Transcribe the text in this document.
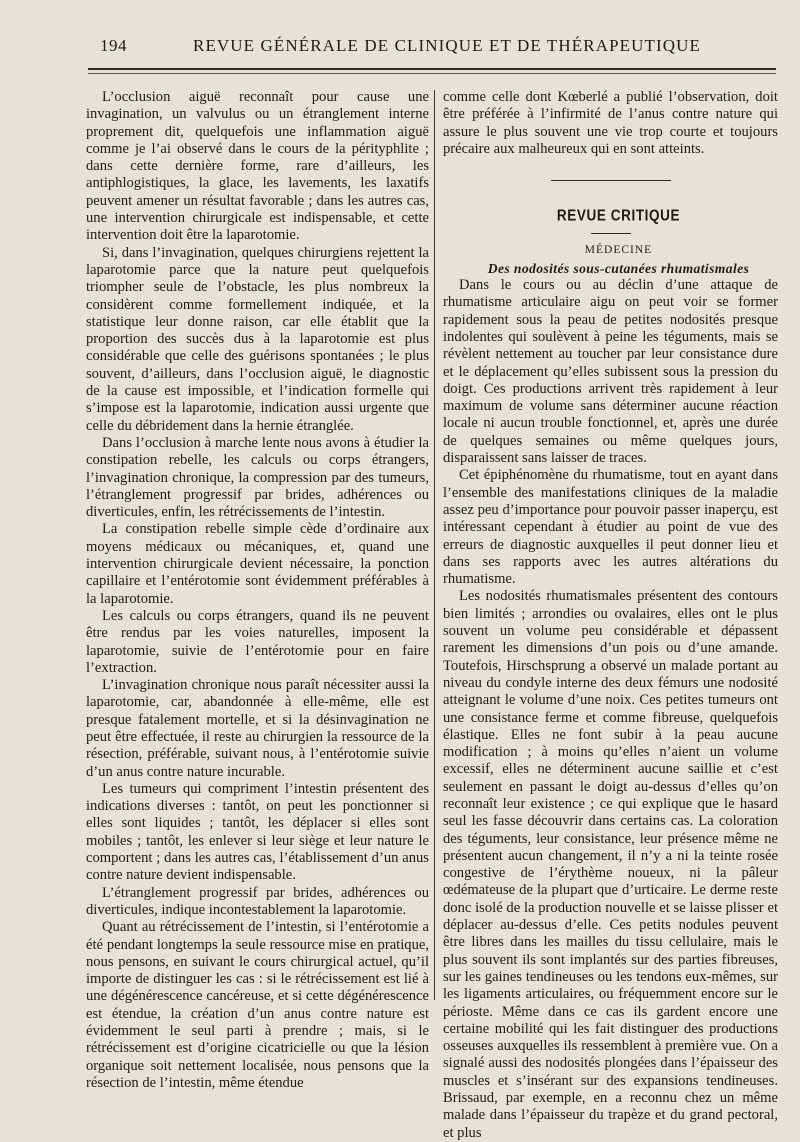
194	REVUE GÉNÉRALE DE CLINIQUE ET DE THÉRAPEUTIQUE

L’occlusion aiguë reconnaît pour cause une invagination, un valvulus ou un étranglement interne proprement dit, quelquefois une inflammation aiguë comme je l’ai observé dans le cours de la pérityphlite ; dans cette dernière forme, rare d’ailleurs, les antiphlogistiques, la glace, les lavements, les laxatifs peuvent amener un résultat favorable ; dans les autres cas, une intervention chirurgicale est indispensable, et cette intervention doit être la laparotomie.

Si, dans l’invagination, quelques chirurgiens rejettent la laparotomie parce que la nature peut quelquefois triompher seule de l’obstacle, les plus nombreux la considèrent comme formellement indiquée, et la statistique leur donne raison, car elle établit que la proportion des succès dus à la laparotomie est plus considérable que celle des guérisons spontanées ; le plus souvent, d’ailleurs, dans l’occlusion aiguë, le diagnostic de la cause est impossible, et l’indication formelle qui s’impose est la laparotomie, indication aussi urgente que celle du débridement dans la hernie étranglée.

Dans l’occlusion à marche lente nous avons à étudier la constipation rebelle, les calculs ou corps étrangers, l’invagination chronique, la compression par des tumeurs, l’étranglement progressif par brides, adhérences ou diverticules, enfin, les rétrécissements de l’intestin.

La constipation rebelle simple cède d’ordinaire aux moyens médicaux ou mécaniques, et, quand une intervention chirurgicale devient nécessaire, la ponction capillaire et l’entérotomie sont évidemment préférables à la laparotomie.

Les calculs ou corps étrangers, quand ils ne peuvent être rendus par les voies naturelles, imposent la laparotomie, suivie de l’entérotomie pour en faire l’extraction.

L’invagination chronique nous paraît nécessiter aussi la laparotomie, car, abandonnée à elle-même, elle est presque fatalement mortelle, et si la désinvagination ne peut être effectuée, il reste au chirurgien la ressource de la résection, préférable, suivant nous, à l’entérotomie suivie d’un anus contre nature incurable.

Les tumeurs qui compriment l’intestin présentent des indications diverses : tantôt, on peut les ponctionner si elles sont liquides ; tantôt, les déplacer si elles sont mobiles ; tantôt, les enlever si leur siège et leur nature le comportent ; dans les autres cas, l’établissement d’un anus contre nature devient indispensable.

L’étranglement progressif par brides, adhérences ou diverticules, indique incontestablement la laparotomie.

Quant au rétrécissement de l’intestin, si l’entérotomie a été pendant longtemps la seule ressource mise en pratique, nous pensons, en suivant le cours chirurgical actuel, qu’il importe de distinguer les cas : si le rétrécissement est lié à une dégénérescence cancéreuse, et si cette dégénérescence est étendue, la création d’un anus contre nature est évidemment le seul parti à prendre ; mais, si le rétrécissement est d’origine cicatricielle ou que la lésion organique soit nettement localisée, nous pensons que la résection de l’intestin, même étendue

comme celle dont Kœberlé a publié l’observation, doit être préférée à l’infirmité de l’anus contre nature qui assure le plus souvent une vie trop courte et toujours précaire aux malheureux qui en sont atteints.

REVUE CRITIQUE

MÉDECINE

Des nodosités sous-cutanées rhumatismales

Dans le cours ou au déclin d’une attaque de rhumatisme articulaire aigu on peut voir se former rapidement sous la peau de petites nodosités presque indolentes qui soulèvent à peine les téguments, mais se révèlent nettement au toucher par leur consistance dure et le déplacement qu’elles subissent sous la pression du doigt. Ces productions arrivent très rapidement à leur maximum de volume sans déterminer aucune réaction locale ni aucun trouble fonctionnel, et, après une durée de quelques semaines ou même quelques jours, disparaissent sans laisser de traces.

Cet épiphénomène du rhumatisme, tout en ayant dans l’ensemble des manifestations cliniques de la maladie assez peu d’importance pour pouvoir passer inaperçu, est intéressant cependant à étudier au point de vue des erreurs de diagnostic auxquelles il peut donner lieu et dans ses rapports avec les autres altérations du rhumatisme.

Les nodosités rhumatismales présentent des contours bien limités ; arrondies ou ovalaires, elles ont le plus souvent un volume peu considérable et dépassent rarement les dimensions d’un pois ou d’une amande. Toutefois, Hirschsprung a observé un malade portant au niveau du condyle interne des deux fémurs une nodosité atteignant le volume d’une noix. Ces petites tumeurs ont une consistance ferme et comme fibreuse, quelquefois élastique. Elles ne font subir à la peau aucune modification ; à moins qu’elles n’aient un volume excessif, elles ne déterminent aucune saillie et c’est seulement en passant le doigt au-dessus d’elles qu’on reconnaît leur existence ; ce qui explique que le hasard seul les fasse découvrir dans certains cas. La coloration des téguments, leur consistance, leur présence même ne présentent aucun changement, il n’y a ni la teinte rosée congestive de l’érythème noueux, ni la pâleur œdémateuse de la plupart que d’urticaire. Le derme reste donc isolé de la production nouvelle et se laisse plisser et déplacer au-dessus d’elle. Ces petits nodules peuvent être libres dans les mailles du tissu cellulaire, mais le plus souvent ils sont implantés sur des parties fibreuses, sur les gaines tendineuses ou les tendons eux-mêmes, sur les ligaments articulaires, ou fréquemment encore sur le périoste. Même dans ce cas ils gardent encore une certaine mobilité qui les fait distinguer des productions osseuses auxquelles ils ressemblent à première vue. On a signalé aussi des nodosités plongées dans l’épaisseur des muscles et s’insérant sur des expansions tendineuses. Brissaud, par exemple, en a reconnu chez un même malade dans l’épaisseur du trapèze et du grand pectoral, et plus
